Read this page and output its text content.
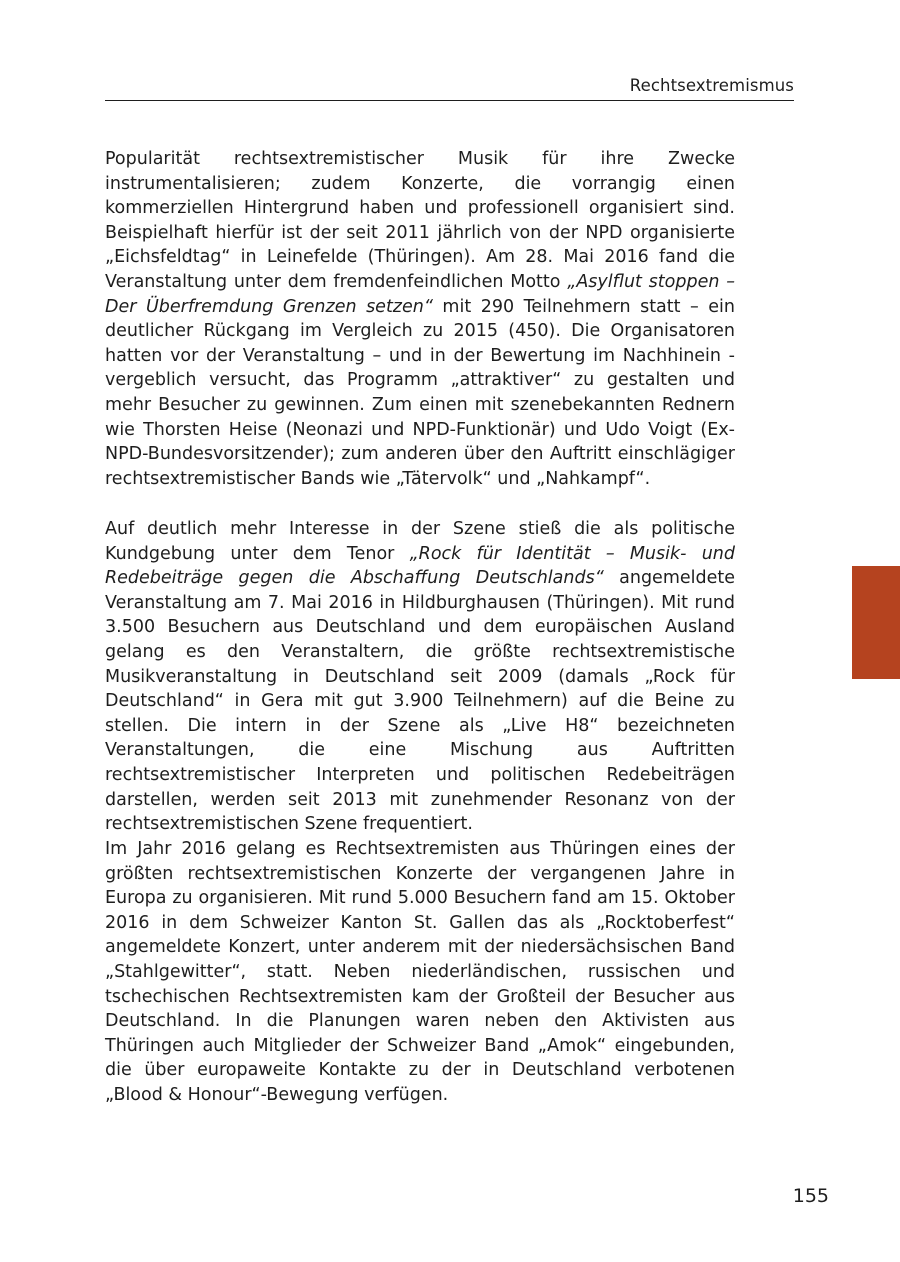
Rechtsextremismus

Popularität rechtsextremistischer Musik für ihre Zwecke instrumentalisieren; zudem Konzerte, die vorrangig einen kommerziellen Hintergrund haben und professionell organisiert sind. Beispielhaft hierfür ist der seit 2011 jährlich von der NPD organisierte „Eichsfeldtag“ in Leinefelde (Thüringen). Am 28. Mai 2016 fand die Veranstaltung unter dem fremdenfeindlichen Motto „Asylflut stoppen – Der Überfremdung Grenzen setzen“ mit 290 Teilnehmern statt – ein deutlicher Rückgang im Vergleich zu 2015 (450). Die Organisatoren hatten vor der Veranstaltung – und in der Bewertung im Nachhinein - vergeblich versucht, das Programm „attraktiver“ zu gestalten und mehr Besucher zu gewinnen. Zum einen mit szenebekannten Rednern wie Thorsten Heise (Neonazi und NPD-Funktionär) und Udo Voigt (Ex-NPD-Bundesvorsitzender); zum anderen über den Auftritt einschlägiger rechtsextremistischer Bands wie „Tätervolk“ und „Nahkampf“.

Auf deutlich mehr Interesse in der Szene stieß die als politische Kundgebung unter dem Tenor „Rock für Identität – Musik- und Redebeiträge gegen die Abschaffung Deutschlands“ angemeldete Veranstaltung am 7. Mai 2016 in Hildburghausen (Thüringen). Mit rund 3.500 Besuchern aus Deutschland und dem europäischen Ausland gelang es den Veranstaltern, die größte rechtsextremistische Musikveranstaltung in Deutschland seit 2009 (damals „Rock für Deutschland“ in Gera mit gut 3.900 Teilnehmern) auf die Beine zu stellen. Die intern in der Szene als „Live H8“ bezeichneten Veranstaltungen, die eine Mischung aus Auftritten rechtsextremistischer Interpreten und politischen Redebeiträgen darstellen, werden seit 2013 mit zunehmender Resonanz von der rechtsextremistischen Szene frequentiert.

Im Jahr 2016 gelang es Rechtsextremisten aus Thüringen eines der größten rechtsextremistischen Konzerte der vergangenen Jahre in Europa zu organisieren. Mit rund 5.000 Besuchern fand am 15. Oktober 2016 in dem Schweizer Kanton St. Gallen das als „Rocktoberfest“ angemeldete Konzert, unter anderem mit der niedersächsischen Band „Stahlgewitter“, statt. Neben niederländischen, russischen und tschechischen Rechtsextremisten kam der Großteil der Besucher aus Deutschland. In die Planungen waren neben den Aktivisten aus Thüringen auch Mitglieder der Schweizer Band „Amok“ eingebunden, die über europaweite Kontakte zu der in Deutschland verbotenen „Blood & Honour“-Bewegung verfügen.

155
